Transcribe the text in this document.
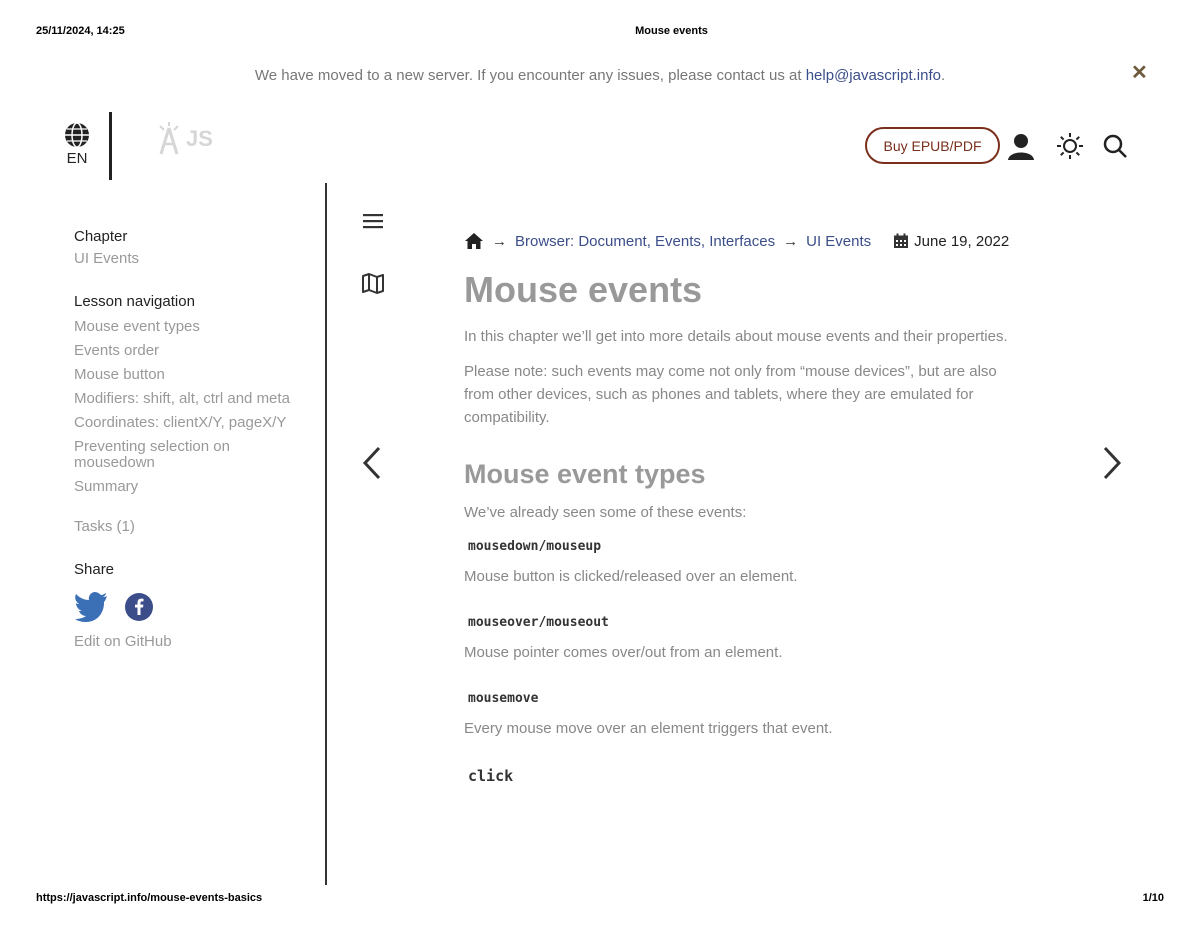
25/11/2024, 14:25	Mouse events
We have moved to a new server. If you encounter any issues, please contact us at help@javascript.info.	✕
EN
JS	Buy EPUB/PDF
Chapter
UI Events
Lesson navigation
Mouse event types
Events order
Mouse button
Modifiers: shift, alt, ctrl and meta
Coordinates: clientX/Y, pageX/Y
Preventing selection on mousedown
Summary
Tasks (1)
Share
Edit on GitHub
→ Browser: Document, Events, Interfaces → UI Events	June 19, 2022
Mouse events

In this chapter we’ll get into more details about mouse events and their properties.

Please note: such events may come not only from “mouse devices”, but are also from other devices, such as phones and tablets, where they are emulated for compatibility.

Mouse event types

We’ve already seen some of these events:

mousedown/mouseup
Mouse button is clicked/released over an element.
mouseover/mouseout
Mouse pointer comes over/out from an element.
mousemove
Every mouse move over an element triggers that event.
click
https://javascript.info/mouse-events-basics	1/10
